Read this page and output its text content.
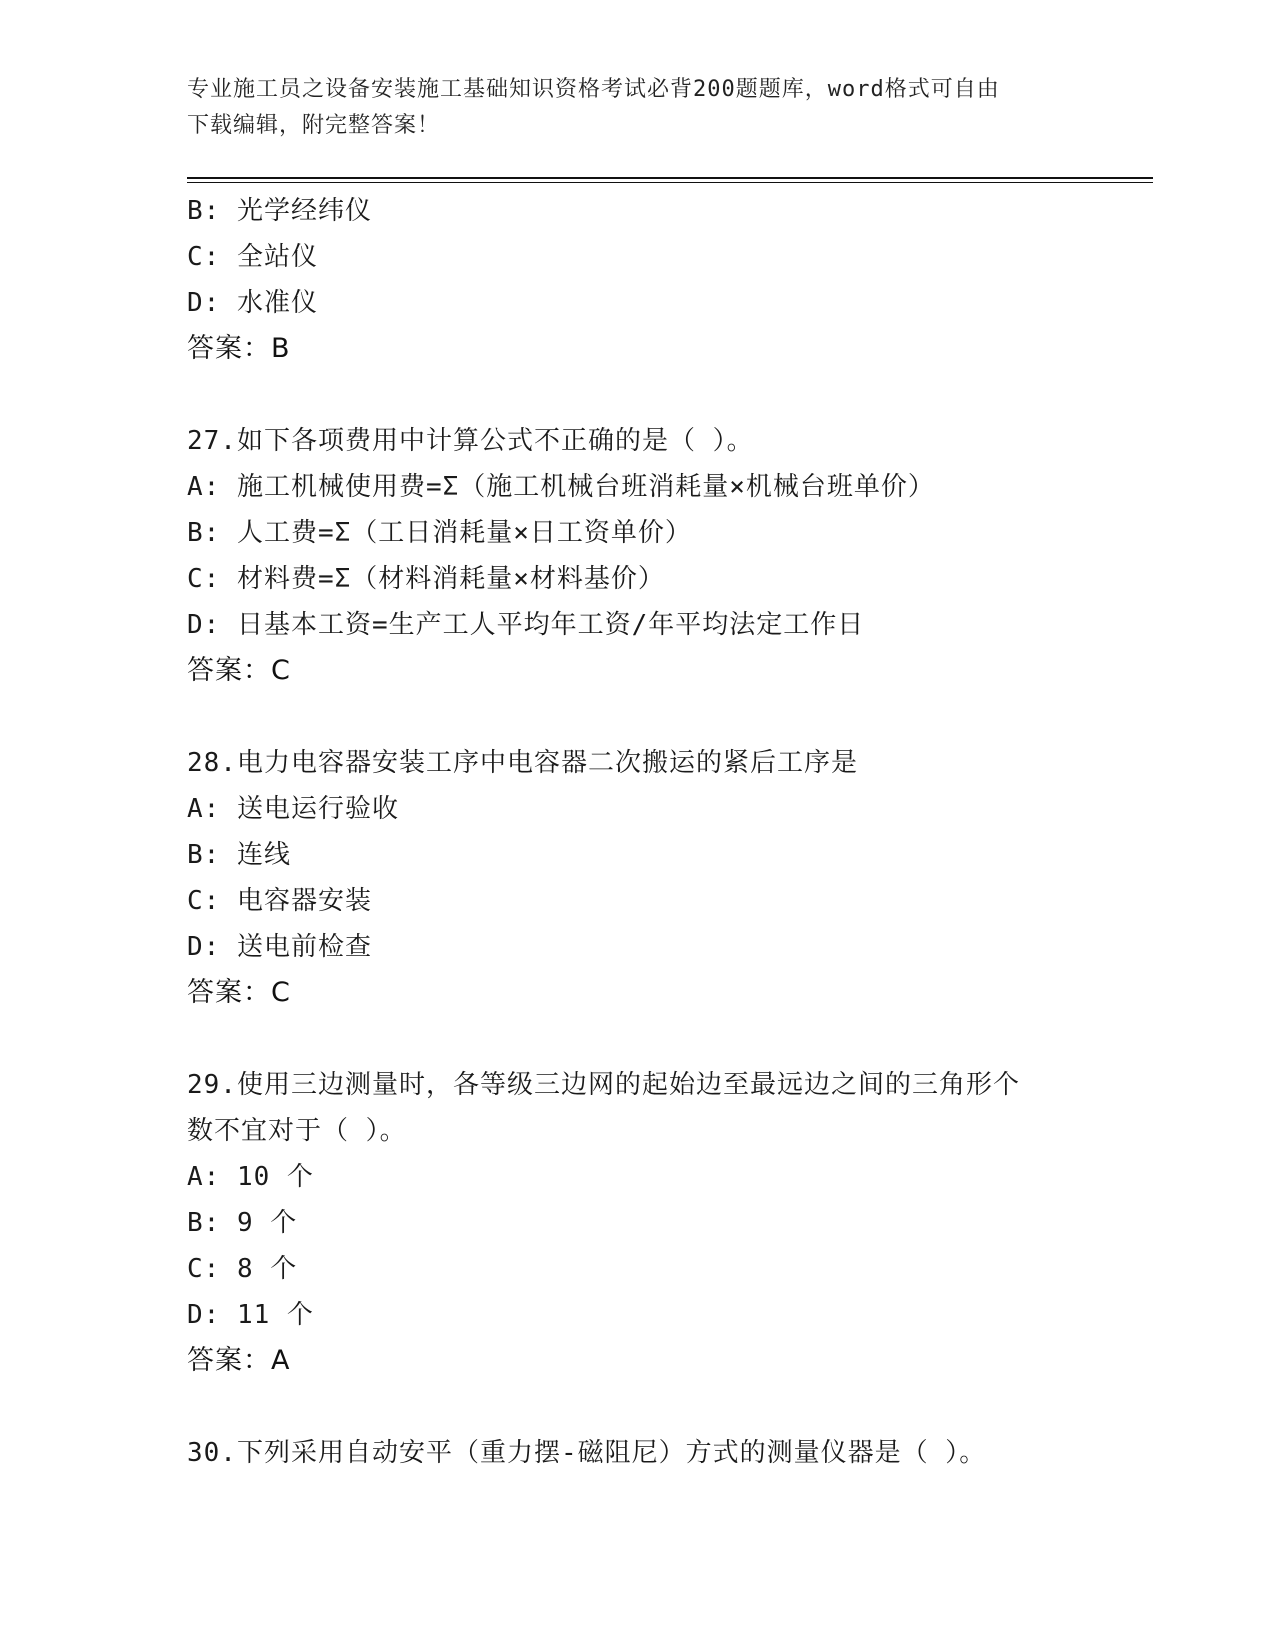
专业施工员之设备安装施工基础知识资格考试必背200题题库，word格式可自由
下载编辑，附完整答案！
B: 光学经纬仪
C: 全站仪
D: 水准仪
答案：B
27.如下各项费用中计算公式不正确的是（ ）。
A: 施工机械使用费=Σ（施工机械台班消耗量×机械台班单价）
B: 人工费=Σ（工日消耗量×日工资单价）
C: 材料费=Σ（材料消耗量×材料基价）
D: 日基本工资=生产工人平均年工资/年平均法定工作日
答案：C
28.电力电容器安装工序中电容器二次搬运的紧后工序是
A: 送电运行验收
B: 连线
C: 电容器安装
D: 送电前检查
答案：C
29.使用三边测量时，各等级三边网的起始边至最远边之间的三角形个
数不宜对于（ ）。
A: 10 个
B: 9 个
C: 8 个
D: 11 个
答案：A
30.下列采用自动安平（重力摆-磁阻尼）方式的测量仪器是（ ）。
